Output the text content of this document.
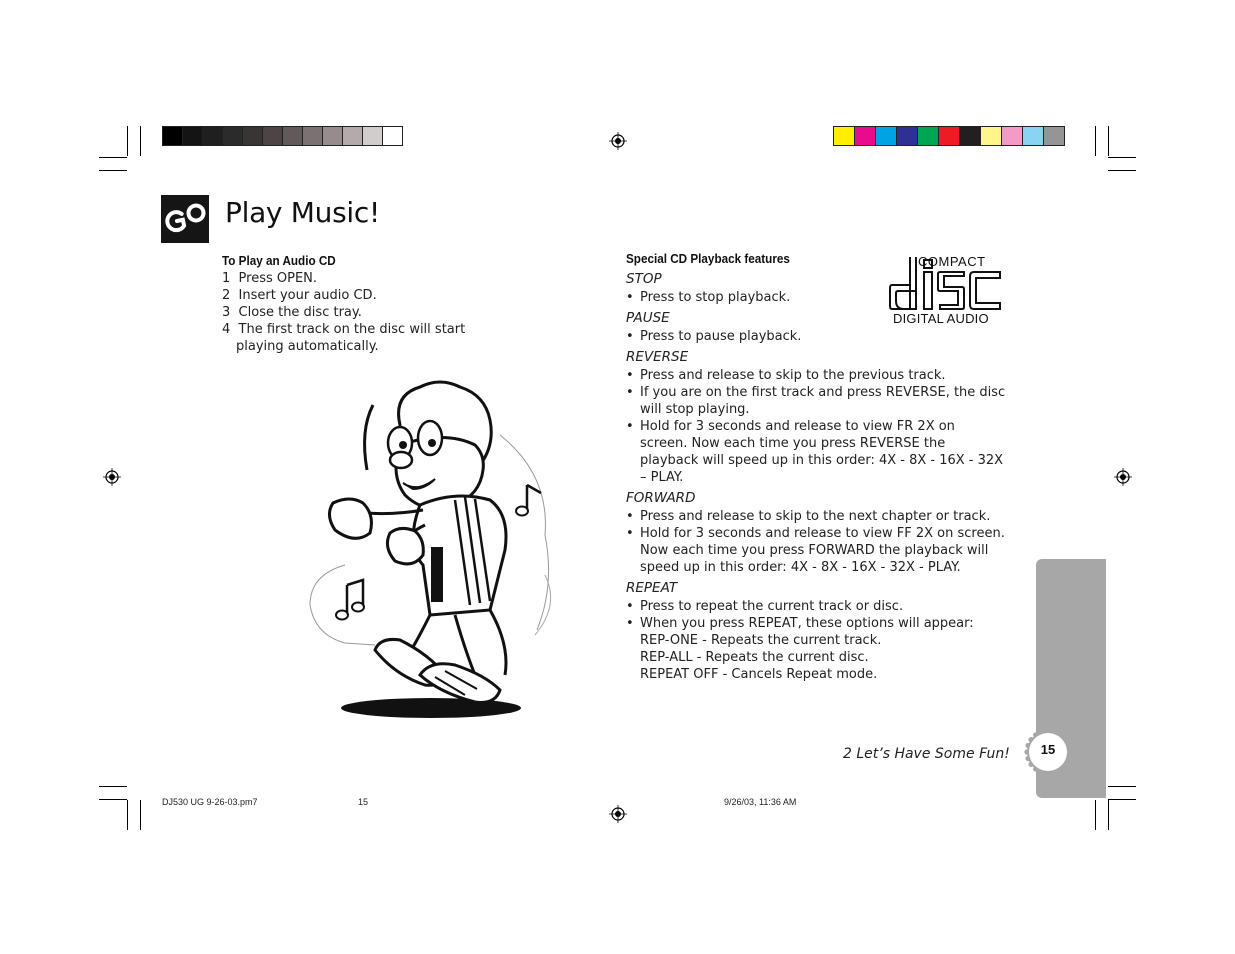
Play Music!
To Play an Audio CD
1 Press OPEN.
2 Insert your audio CD.
3 Close the disc tray.
4 The first track on the disc will start playing automatically.
Special CD Playback features
STOP
• Press to stop playback.
PAUSE
• Press to pause playback.
REVERSE
• Press and release to skip to the previous track.
• If you are on the first track and press REVERSE, the disc will stop playing.
• Hold for 3 seconds and release to view FR 2X on screen. Now each time you press REVERSE the playback will speed up in this order: 4X - 8X - 16X - 32X – PLAY.
FORWARD
• Press and release to skip to the next chapter or track.
• Hold for 3 seconds and release to view FF 2X on screen. Now each time you press FORWARD the playback will speed up in this order: 4X - 8X - 16X - 32X - PLAY.
REPEAT
• Press to repeat the current track or disc.
• When you press REPEAT, these options will appear:
REP-ONE - Repeats the current track.
REP-ALL - Repeats the current disc.
REPEAT OFF - Cancels Repeat mode.
COMPACT
DIGITAL AUDIO
2 Let’s Have Some Fun!	15
DJ530 UG 9-26-03.pm7	15	9/26/03, 11:36 AM
